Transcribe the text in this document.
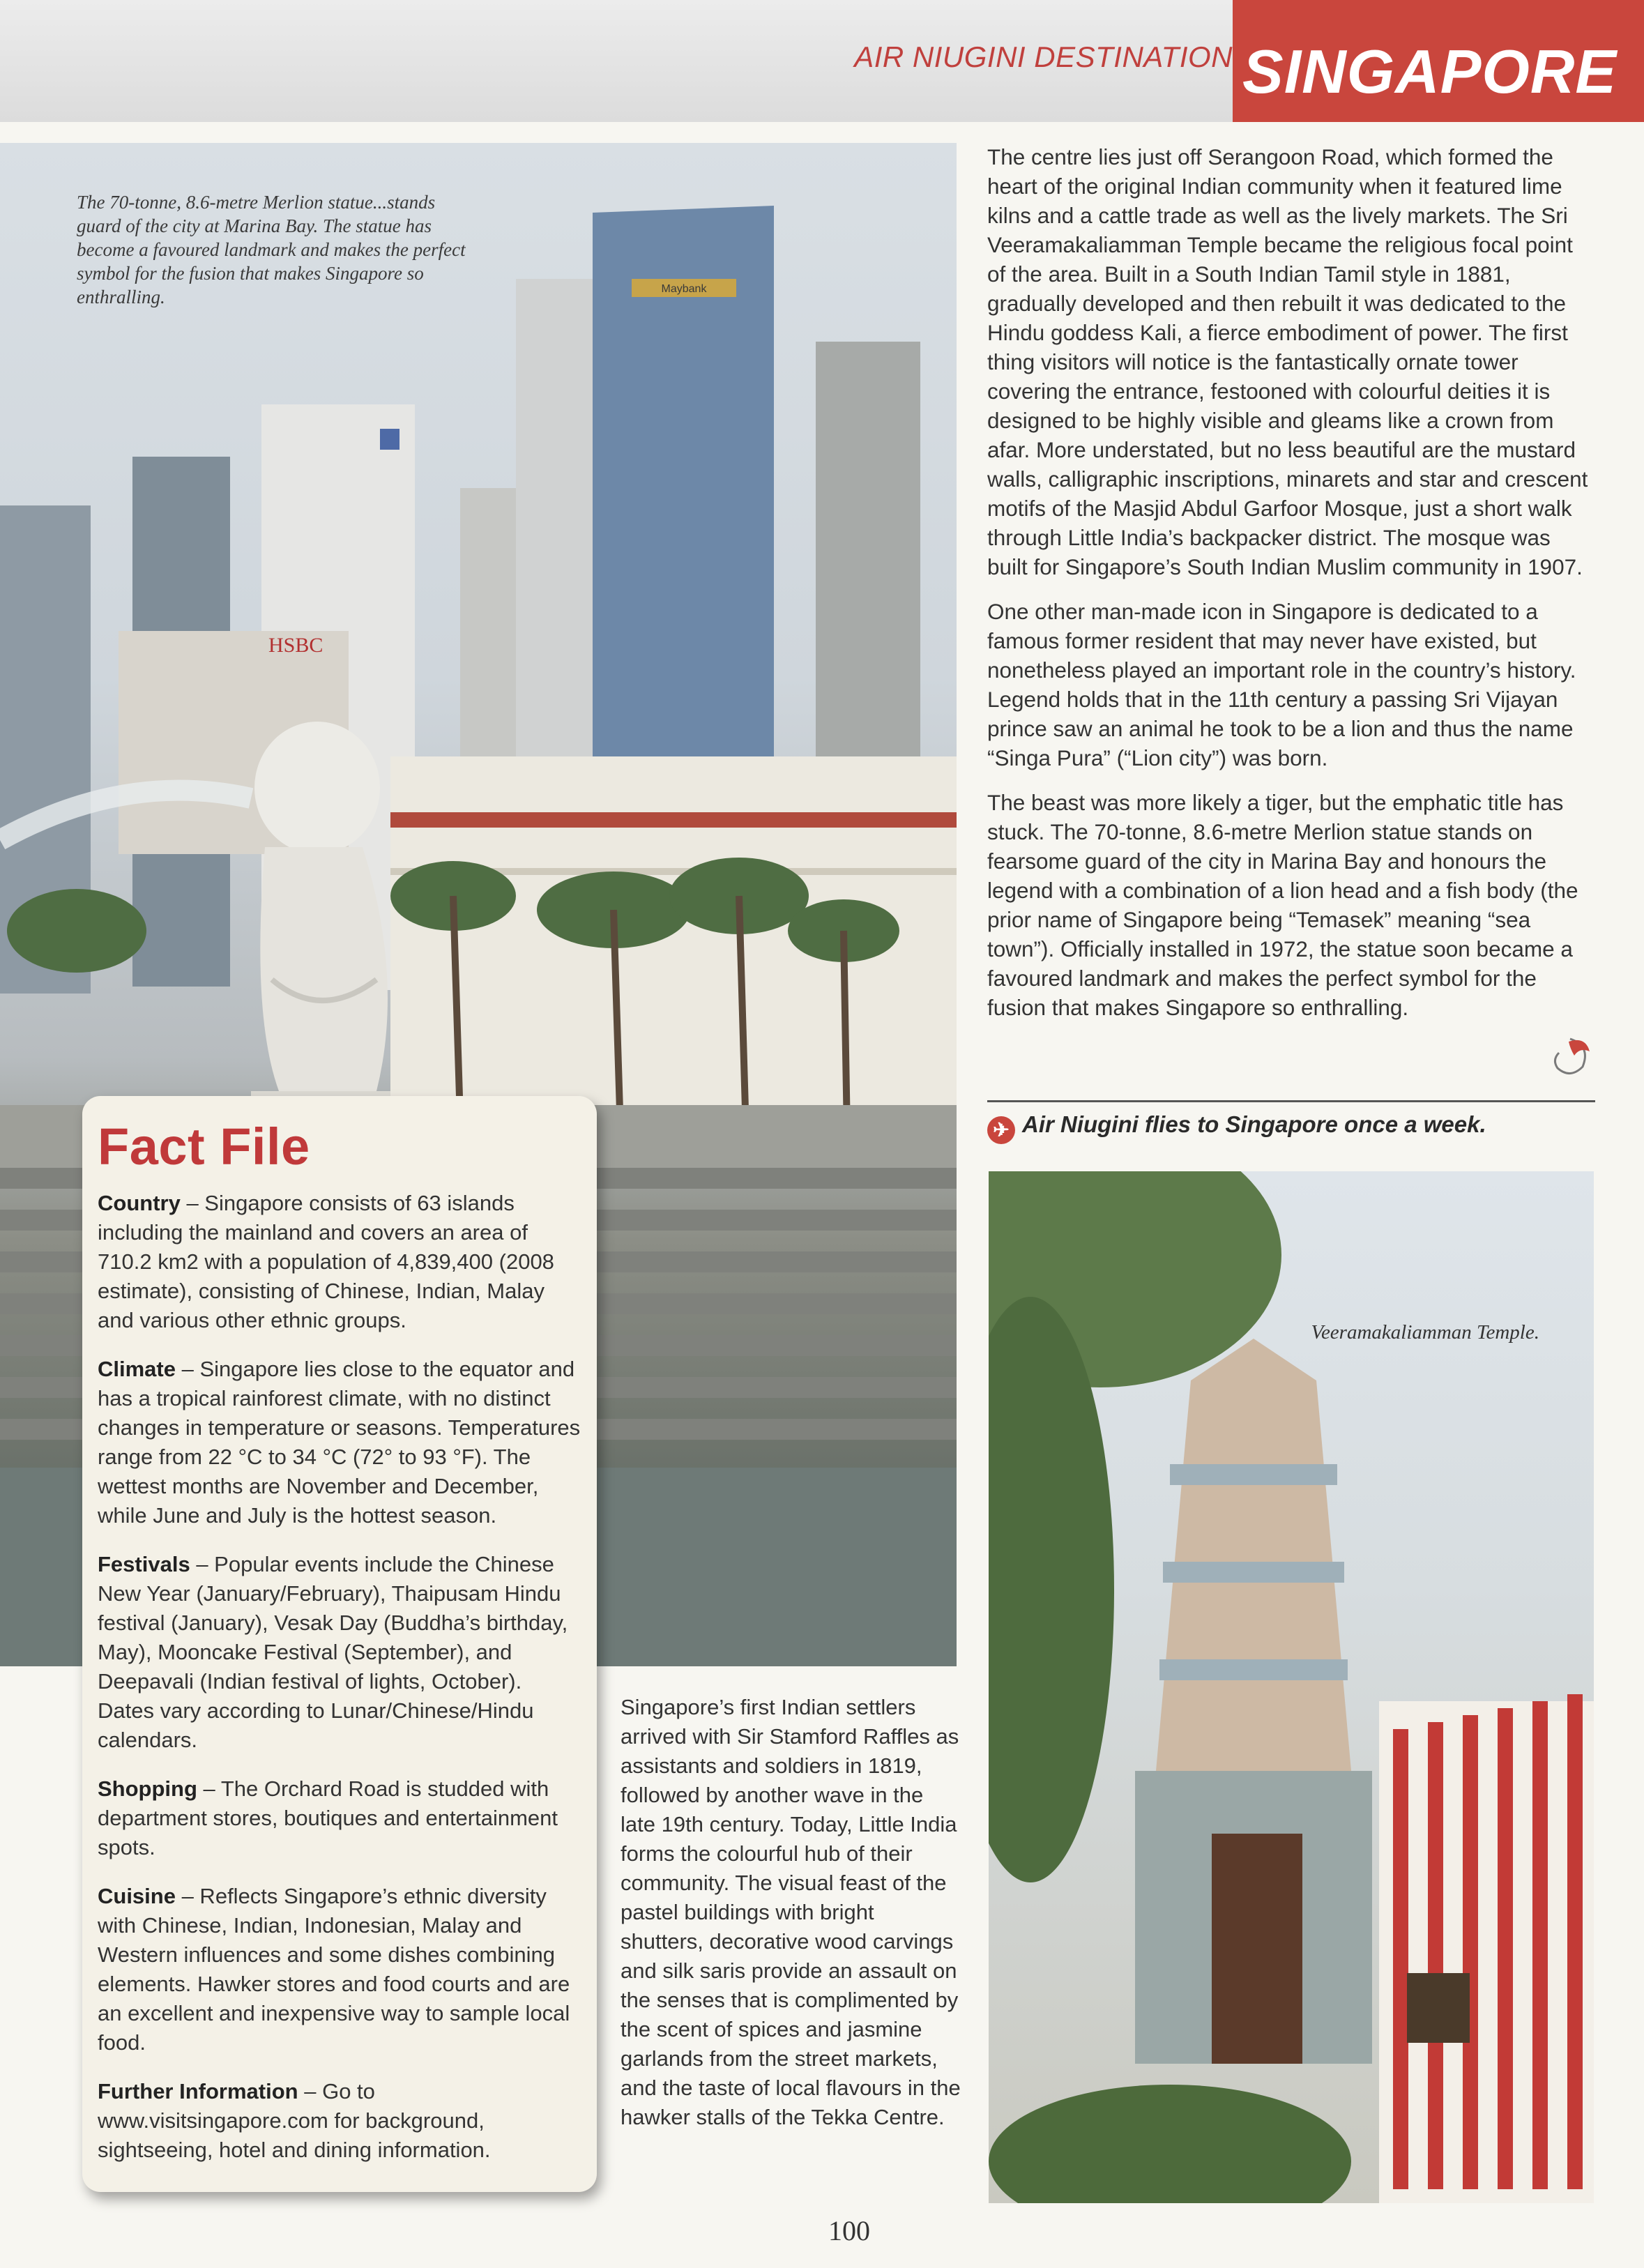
AIR NIUGINI DESTINATION SINGAPORE
Maybank
HSBC
The 70-tonne, 8.6-metre Merlion statue...stands guard of the city at Marina Bay. The statue has become a favoured landmark and makes the perfect symbol for the fusion that makes Singapore so enthralling.
Fact File
Country – Singapore consists of 63 islands including the mainland and covers an area of 710.2 km2 with a population of 4,839,400 (2008 estimate), consisting of Chinese, Indian, Malay and various other ethnic groups.
Climate – Singapore lies close to the equator and has a tropical rainforest climate, with no distinct changes in temperature or seasons. Temperatures range from 22 °C to 34 °C (72° to 93 °F). The wettest months are November and December, while June and July is the hottest season.
Festivals – Popular events include the Chinese New Year (January/February), Thaipusam Hindu festival (January), Vesak Day (Buddha’s birthday, May), Mooncake Festival (September), and Deepavali (Indian festival of lights, October). Dates vary according to Lunar/Chinese/Hindu calendars.
Shopping – The Orchard Road is studded with department stores, boutiques and entertainment spots.
Cuisine – Reflects Singapore’s ethnic diversity with Chinese, Indian, Indonesian, Malay and Western influences and some dishes combining elements. Hawker stores and food courts and are an excellent and inexpensive way to sample local food.
Further Information – Go to www.visitsingapore.com for background, sightseeing, hotel and dining information.
Singapore’s first Indian settlers arrived with Sir Stamford Raffles as assistants and soldiers in 1819, followed by another wave in the late 19th century. Today, Little India forms the colourful hub of their community. The visual feast of the pastel buildings with bright shutters, decorative wood carvings and silk saris provide an assault on the senses that is complimented by the scent of spices and jasmine garlands from the street markets, and the taste of local flavours in the hawker stalls of the Tekka Centre.

The centre lies just off Serangoon Road, which formed the heart of the original Indian community when it featured lime kilns and a cattle trade as well as the lively markets. The Sri Veeramakaliamman Temple became the religious focal point of the area. Built in a South Indian Tamil style in 1881, gradually developed and then rebuilt it was dedicated to the Hindu goddess Kali, a fierce embodiment of power. The first thing visitors will notice is the fantastically ornate tower covering the entrance, festooned with colourful deities it is designed to be highly visible and gleams like a crown from afar. More understated, but no less beautiful are the mustard walls, calligraphic inscriptions, minarets and star and crescent motifs of the Masjid Abdul Garfoor Mosque, just a short walk through Little India’s backpacker district. The mosque was built for Singapore’s South Indian Muslim community in 1907.

One other man-made icon in Singapore is dedicated to a famous former resident that may never have existed, but nonetheless played an important role in the country’s history. Legend holds that in the 11th century a passing Sri Vijayan prince saw an animal he took to be a lion and thus the name “Singa Pura” (“Lion city”) was born.

The beast was more likely a tiger, but the emphatic title has stuck. The 70-tonne, 8.6-metre Merlion statue stands on fearsome guard of the city in Marina Bay and honours the legend with a combination of a lion head and a fish body (the prior name of Singapore being “Temasek” meaning “sea town”). Officially installed in 1972, the statue soon became a favoured landmark and makes the perfect symbol for the fusion that makes Singapore so enthralling.

✈ Air Niugini flies to Singapore once a week.
Veeramakaliamman Temple.
100
